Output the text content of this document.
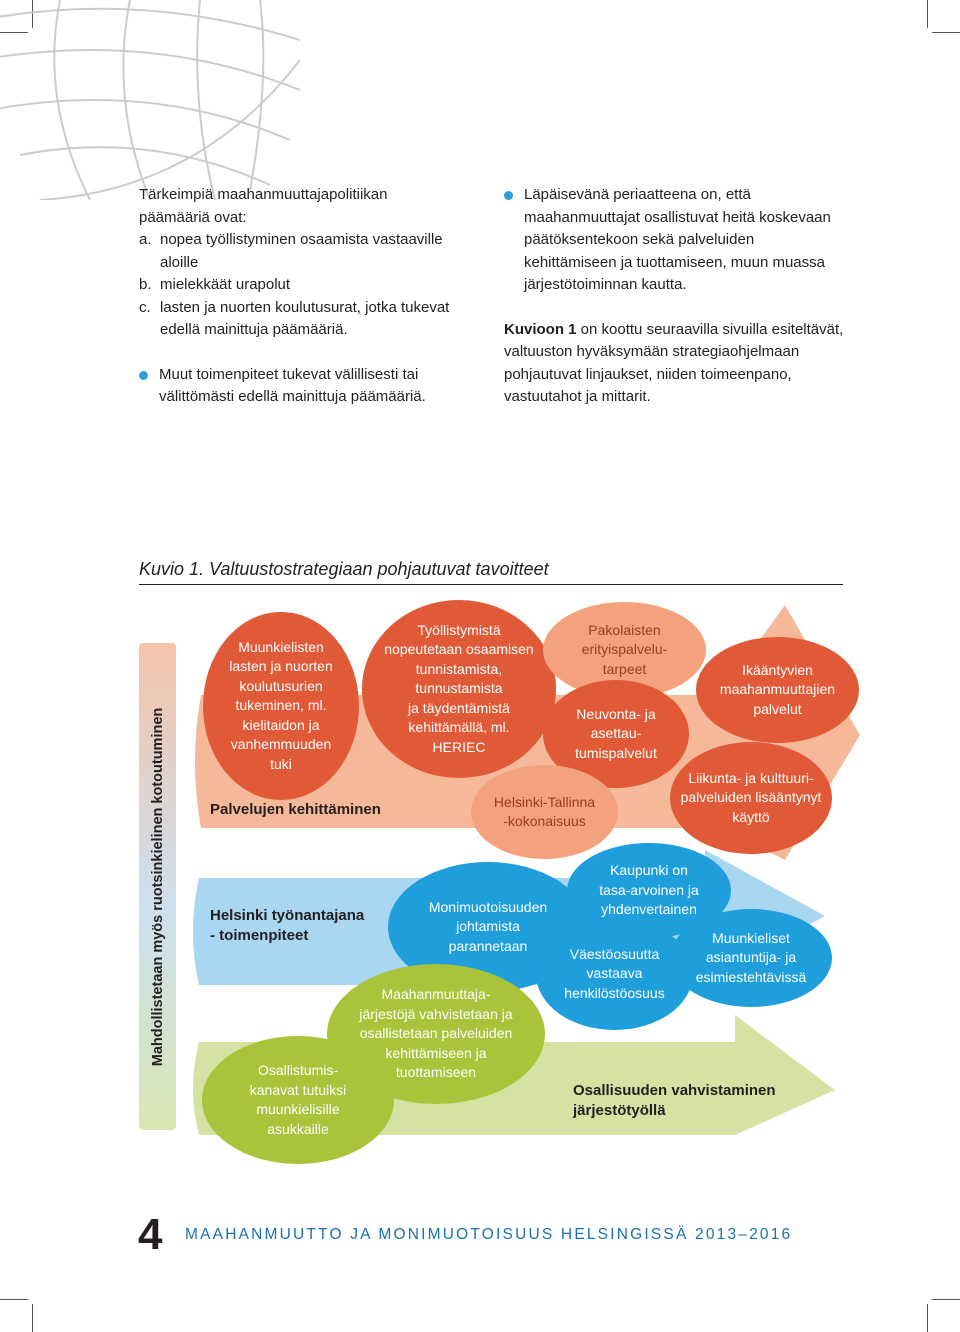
Tärkeimpiä maahanmuuttajapolitiikan päämääriä ovat:

a. nopea työllistyminen osaamista vastaaville aloille
b. mielekkäät urapolut
c. lasten ja nuorten koulutusurat, jotka tukevat edellä mainittuja päämääriä.

Muut toimenpiteet tukevat välillisesti tai välittömästi edellä mainittuja päämääriä.

Läpäisevänä periaatteena on, että maahanmuuttajat osallistuvat heitä koskevaan päätöksentekoon sekä palveluiden kehittämiseen ja tuottamiseen, muun muassa järjestötoiminnan kautta.

Kuvioon 1 on koottu seuraavilla sivuilla esiteltävät, valtuuston hyväksymään strategiaohjelmaan pohjautuvat linjaukset, niiden toimeenpano, vastuutahot ja mittarit.

Kuvio 1. Valtuustostrategiaan pohjautuvat tavoitteet
Mahdollistetaan myös ruotsinkielinen kotoutuminen	Palvelujen kehittäminen
Helsinki työnantajana
- toimenpiteet
Osallisuuden vahvistaminen
järjestötyöllä
Muunkielisten
lasten ja nuorten
koulutusurien
tukeminen, ml.
kielitaidon ja
vanhemmuuden
tuki
Työllistymistä
nopeutetaan osaamisen
tunnistamista,
tunnustamista
ja täydentämistä
kehittämällä, ml.
HERIEC
Pakolaisten
erityispalvelu-
tarpeet
Neuvonta- ja
asettau-
tumispalvelut
Ikääntyvien
maahanmuuttajien
palvelut
Helsinki-Tallinna
-kokonaisuus
Liikunta- ja kulttuuri-
palveluiden lisääntynyt
käyttö
Kaupunki on
tasa-arvoinen ja
yhdenvertainen
Monimuotoisuuden
johtamista
parannetaan	Väestöosuutta
vastaava
henkilöstöosuus
Muunkieliset
asiantuntija- ja
esimiestehtävissä
Maahanmuuttaja-
järjestöjä vahvistetaan ja
osallistetaan palveluiden
kehittämiseen ja
tuottamiseen
Osallistumis-
kanavat tutuiksi
muunkielisille
asukkaille
4 MAAHANMUUTTO JA MONIMUOTOISUUS HELSINGISSÄ 2013–2016
